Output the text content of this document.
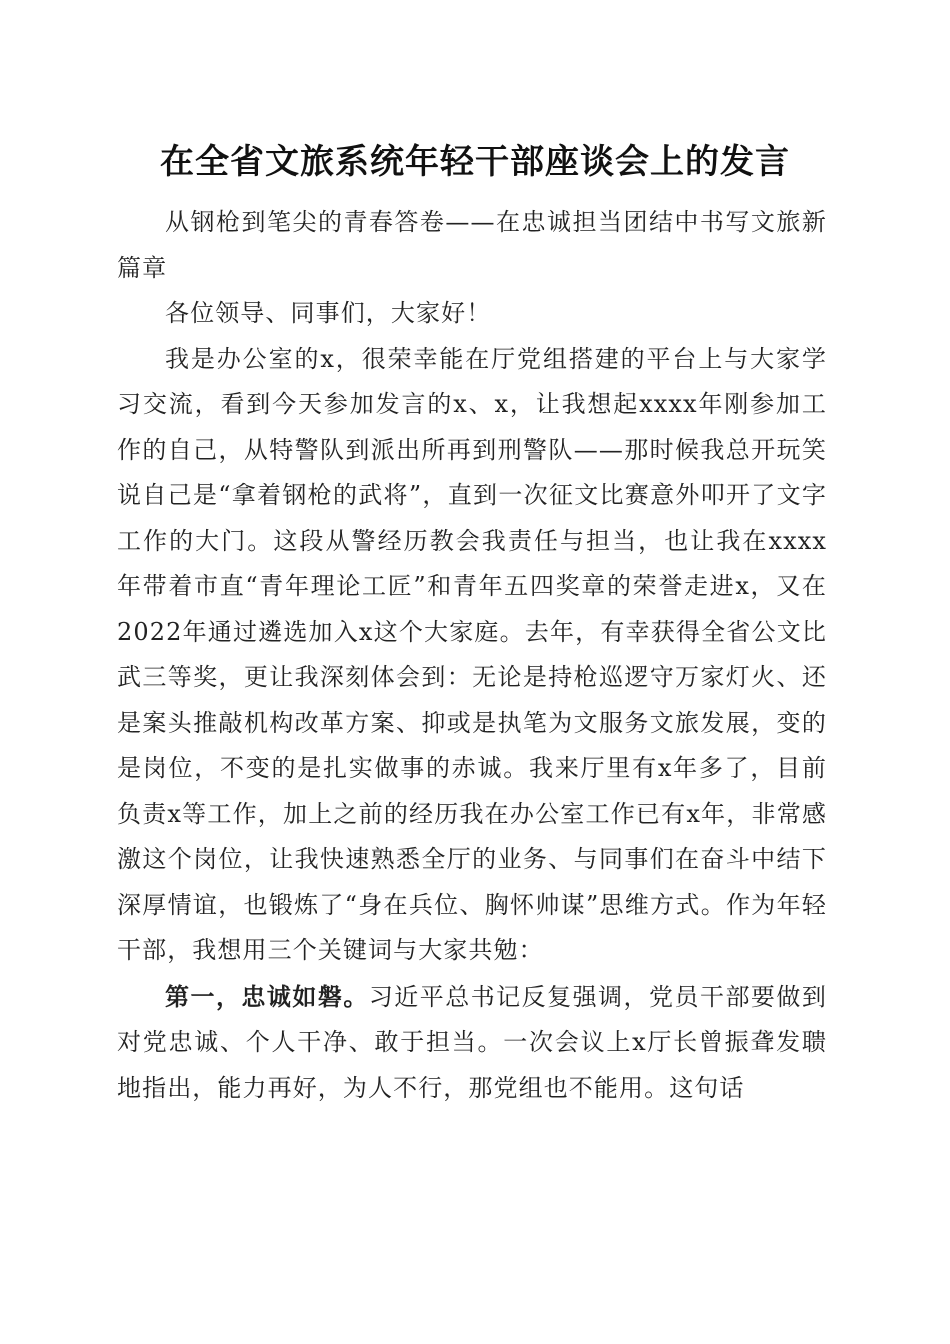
在全省文旅系统年轻干部座谈会上的发言

从钢枪到笔尖的青春答卷——在忠诚担当团结中书写文旅新篇章

各位领导、同事们，大家好！

我是办公室的x，很荣幸能在厅党组搭建的平台上与大家学习交流，看到今天参加发言的x、x，让我想起xxxx年刚参加工作的自己，从特警队到派出所再到刑警队——那时候我总开玩笑说自己是“拿着钢枪的武将”，直到一次征文比赛意外叩开了文字工作的大门。这段从警经历教会我责任与担当，也让我在xxxx年带着市直“青年理论工匠”和青年五四奖章的荣誉走进x，又在2022年通过遴选加入x这个大家庭。去年，有幸获得全省公文比武三等奖，更让我深刻体会到：无论是持枪巡逻守万家灯火、还是案头推敲机构改革方案、抑或是执笔为文服务文旅发展，变的是岗位，不变的是扎实做事的赤诚。我来厅里有x年多了，目前负责x等工作，加上之前的经历我在办公室工作已有x年，非常感激这个岗位，让我快速熟悉全厅的业务、与同事们在奋斗中结下深厚情谊，也锻炼了“身在兵位、胸怀帅谋”思维方式。作为年轻干部，我想用三个关键词与大家共勉：

第一，忠诚如磐。习近平总书记反复强调，党员干部要做到对党忠诚、个人干净、敢于担当。一次会议上x厅长曾振聋发聩地指出，能力再好，为人不行，那党组也不能用。这句话
